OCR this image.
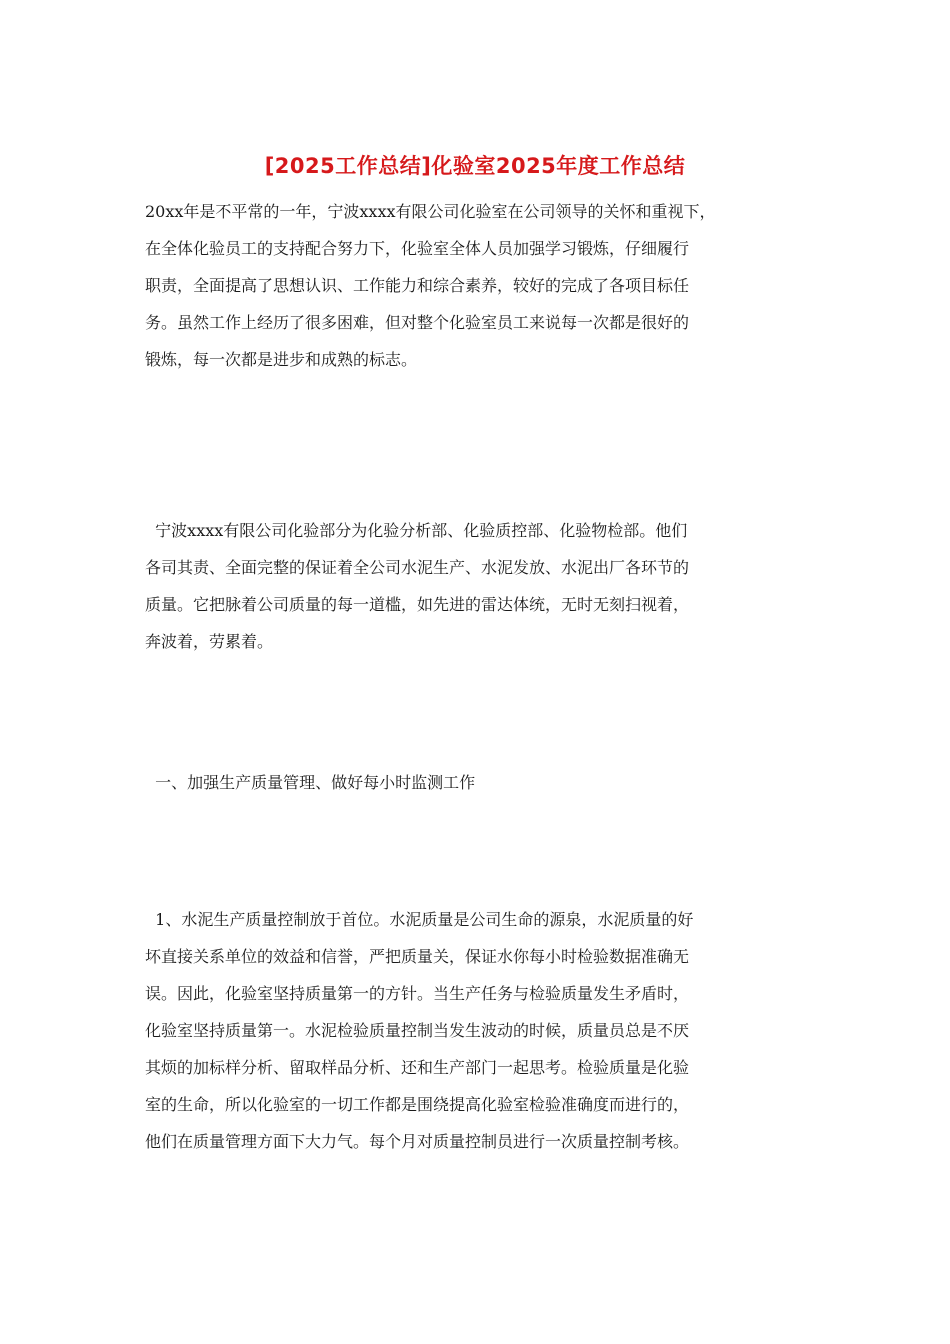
[2025工作总结]化验室2025年度工作总结

20xx年是不平常的一年，宁波xxxx有限公司化验室在公司领导的关怀和重视下，
在全体化验员工的支持配合努力下，化验室全体人员加强学习锻炼，仔细履行
职责，全面提高了思想认识、工作能力和综合素养，较好的完成了各项目标任
务。虽然工作上经历了很多困难，但对整个化验室员工来说每一次都是很好的
锻炼，每一次都是进步和成熟的标志。

宁波xxxx有限公司化验部分为化验分析部、化验质控部、化验物检部。他们
各司其责、全面完整的保证着全公司水泥生产、水泥发放、水泥出厂各环节的
质量。它把脉着公司质量的每一道槛，如先进的雷达体统，无时无刻扫视着，
奔波着，劳累着。

一、加强生产质量管理、做好每小时监测工作

1、水泥生产质量控制放于首位。水泥质量是公司生命的源泉，水泥质量的好
坏直接关系单位的效益和信誉，严把质量关，保证水你每小时检验数据准确无
误。因此，化验室坚持质量第一的方针。当生产任务与检验质量发生矛盾时，
化验室坚持质量第一。水泥检验质量控制当发生波动的时候，质量员总是不厌
其烦的加标样分析、留取样品分析、还和生产部门一起思考。检验质量是化验
室的生命，所以化验室的一切工作都是围绕提高化验室检验准确度而进行的，
他们在质量管理方面下大力气。每个月对质量控制员进行一次质量控制考核。
